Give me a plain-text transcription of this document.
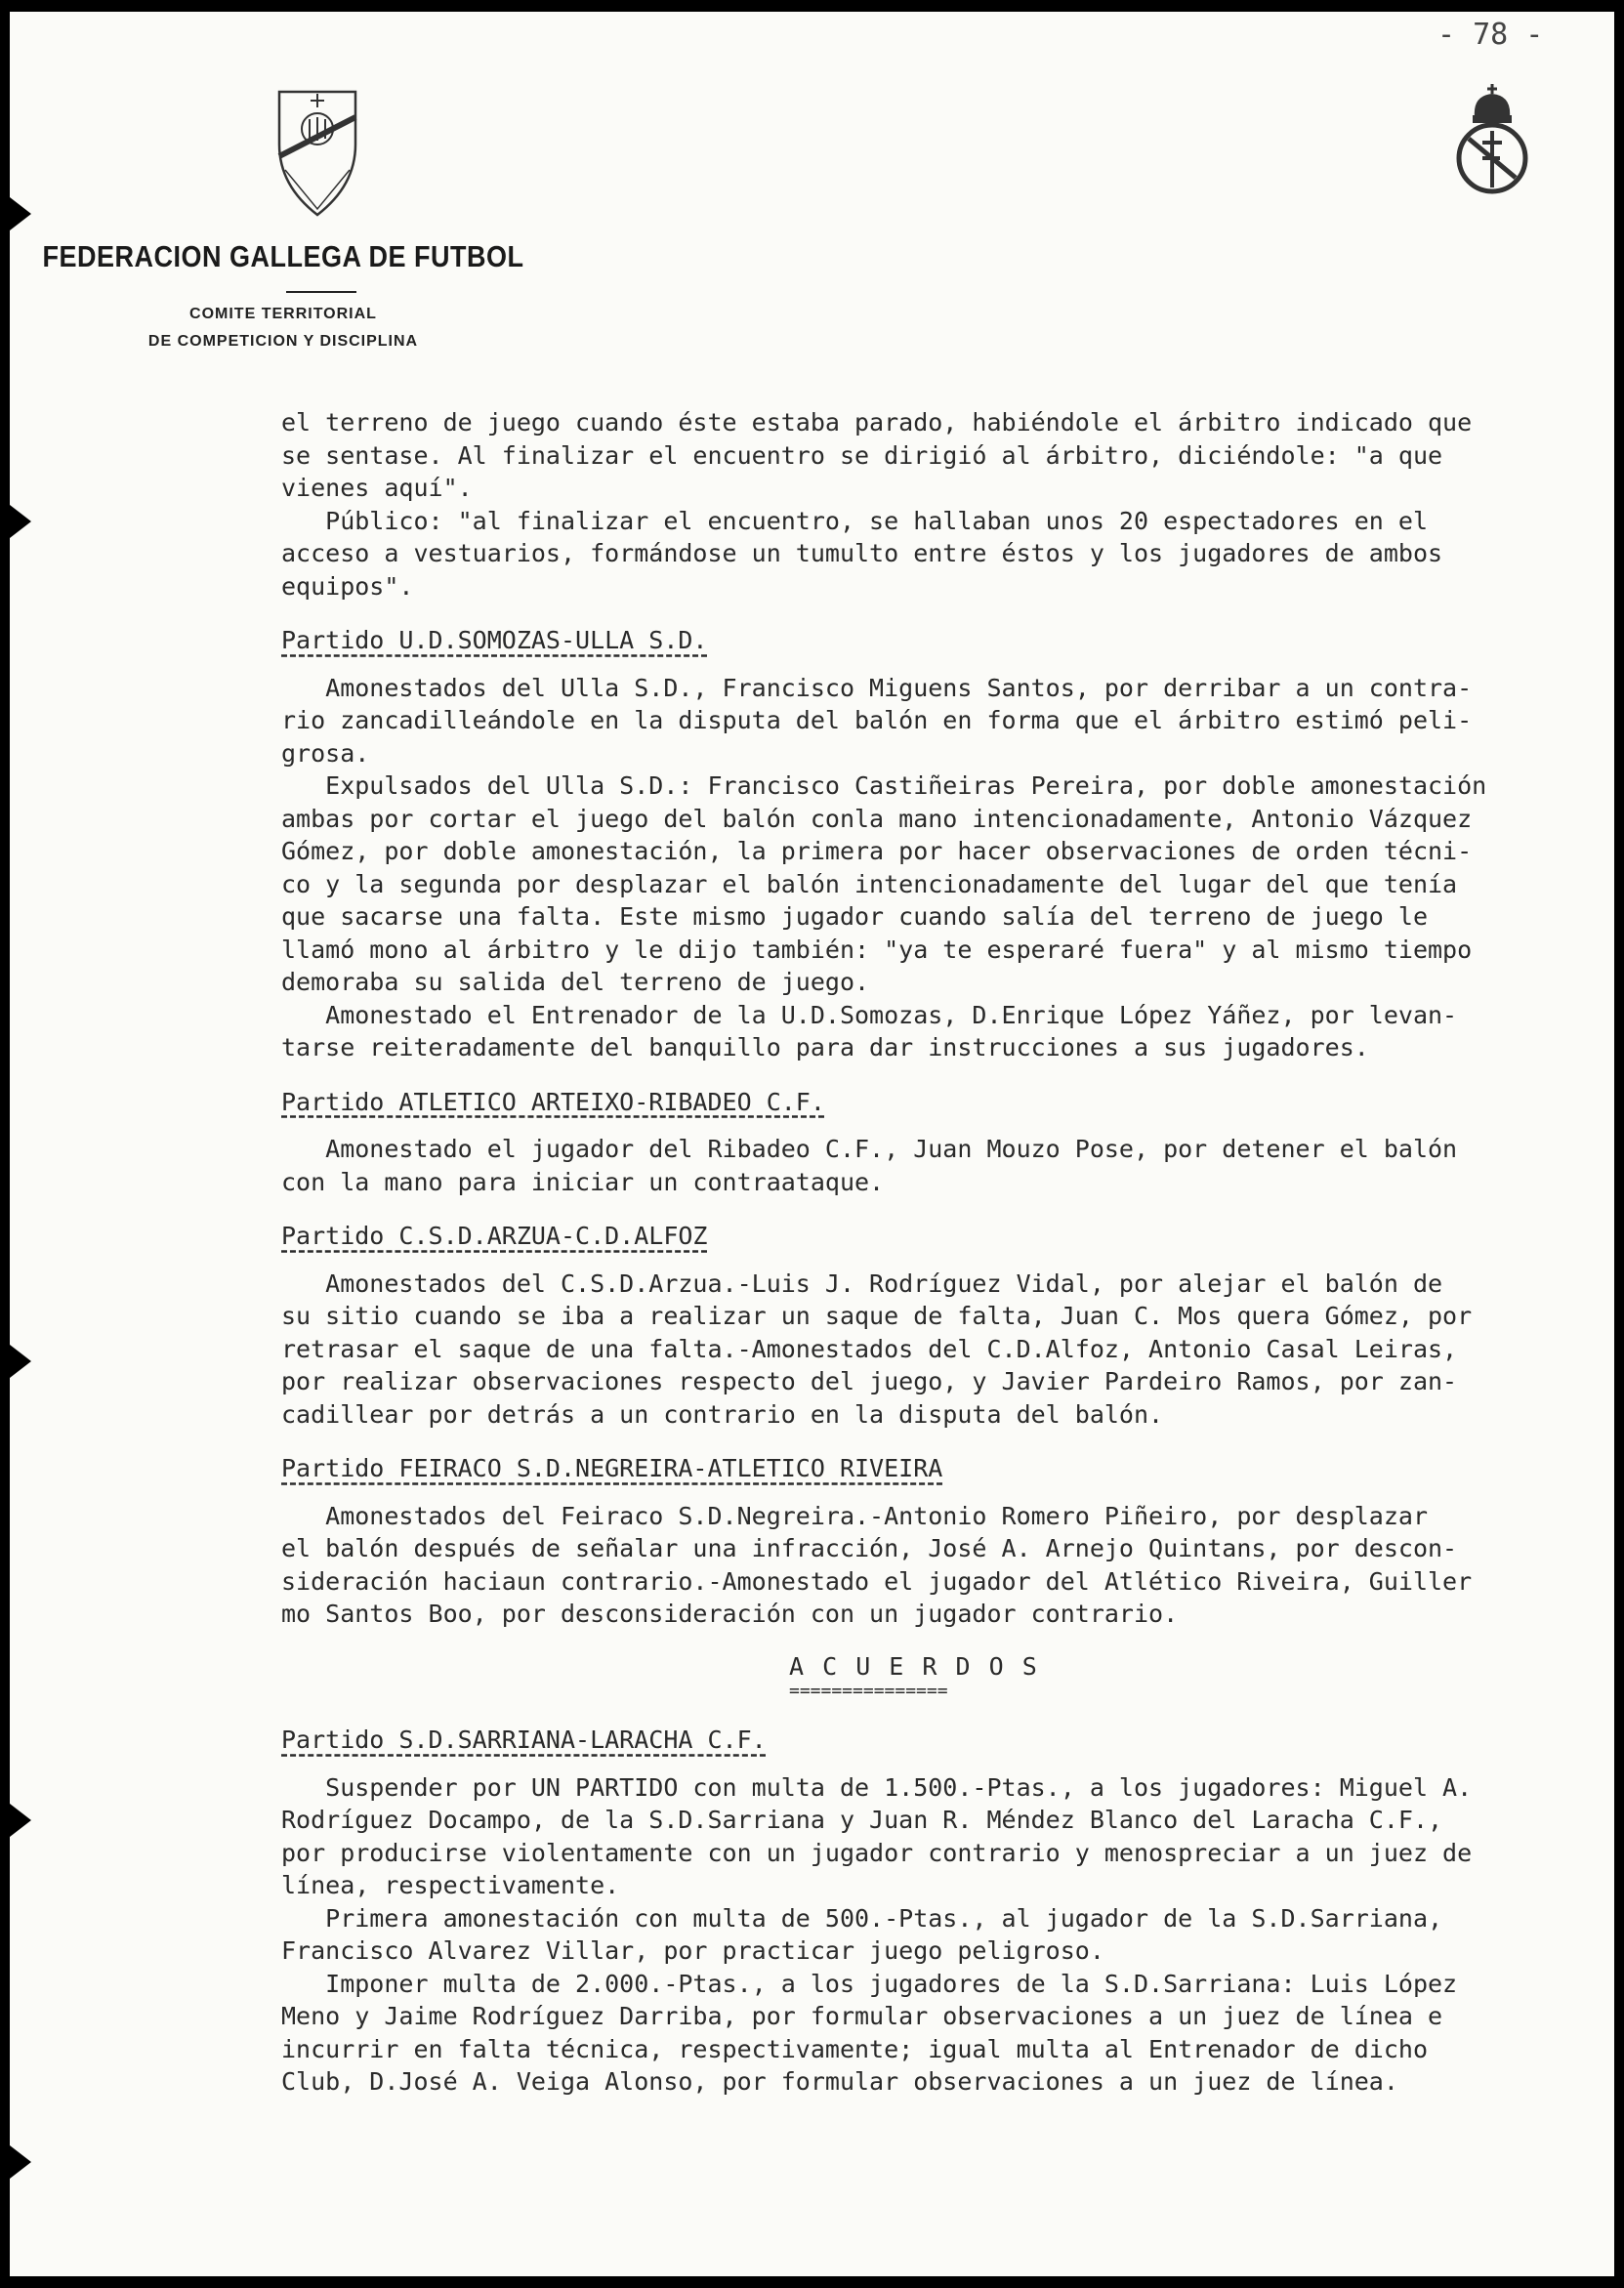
- 78 -
FEDERACION GALLEGA DE FUTBOL
COMITE TERRITORIAL
DE COMPETICION Y DISCIPLINA
el terreno de juego cuando éste estaba parado, habiéndole el árbitro indicado que
se sentase. Al finalizar el encuentro se dirigió al árbitro, diciéndole: "a que
vienes aquí".
Público: "al finalizar el encuentro, se hallaban unos 20 espectadores en el
acceso a vestuarios, formándose un tumulto entre éstos y los jugadores de ambos
equipos".
Partido U.D.SOMOZAS-ULLA S.D.
Amonestados del Ulla S.D., Francisco Miguens Santos, por derribar a un contra-
rio zancadilleándole en la disputa del balón en forma que el árbitro estimó peli-
grosa.
Expulsados del Ulla S.D.: Francisco Castiñeiras Pereira, por doble amonestación
ambas por cortar el juego del balón conla mano intencionadamente, Antonio Vázquez
Gómez, por doble amonestación, la primera por hacer observaciones de orden técni-
co y la segunda por desplazar el balón intencionadamente del lugar del que tenía
que sacarse una falta. Este mismo jugador cuando salía del terreno de juego le
llamó mono al árbitro y le dijo también: "ya te esperaré fuera" y al mismo tiempo
demoraba su salida del terreno de juego.
Amonestado el Entrenador de la U.D.Somozas, D.Enrique López Yáñez, por levan-
tarse reiteradamente del banquillo para dar instrucciones a sus jugadores.
Partido ATLETICO ARTEIXO-RIBADEO C.F.
Amonestado el jugador del Ribadeo C.F., Juan Mouzo Pose, por detener el balón
con la mano para iniciar un contraataque.
Partido C.S.D.ARZUA-C.D.ALFOZ
Amonestados del C.S.D.Arzua.-Luis J. Rodríguez Vidal, por alejar el balón de
su sitio cuando se iba a realizar un saque de falta, Juan C. Mos quera Gómez, por
retrasar el saque de una falta.-Amonestados del C.D.Alfoz, Antonio Casal Leiras,
por realizar observaciones respecto del juego, y Javier Pardeiro Ramos, por zan-
cadillear por detrás a un contrario en la disputa del balón.
Partido FEIRACO S.D.NEGREIRA-ATLETICO RIVEIRA
Amonestados del Feiraco S.D.Negreira.-Antonio Romero Piñeiro, por desplazar
el balón después de señalar una infracción, José A. Arnejo Quintans, por descon-
sideración haciaun contrario.-Amonestado el jugador del Atlético Riveira, Guiller
mo Santos Boo, por desconsideración con un jugador contrario.
A C U E R D O S
===============
Partido S.D.SARRIANA-LARACHA C.F.
Suspender por UN PARTIDO con multa de 1.500.-Ptas., a los jugadores: Miguel A.
Rodríguez Docampo, de la S.D.Sarriana y Juan R. Méndez Blanco del Laracha C.F.,
por producirse violentamente con un jugador contrario y menospreciar a un juez de
línea, respectivamente.
Primera amonestación con multa de 500.-Ptas., al jugador de la S.D.Sarriana,
Francisco Alvarez Villar, por practicar juego peligroso.
Imponer multa de 2.000.-Ptas., a los jugadores de la S.D.Sarriana: Luis López
Meno y Jaime Rodríguez Darriba, por formular observaciones a un juez de línea e
incurrir en falta técnica, respectivamente; igual multa al Entrenador de dicho
Club, D.José A. Veiga Alonso, por formular observaciones a un juez de línea.
